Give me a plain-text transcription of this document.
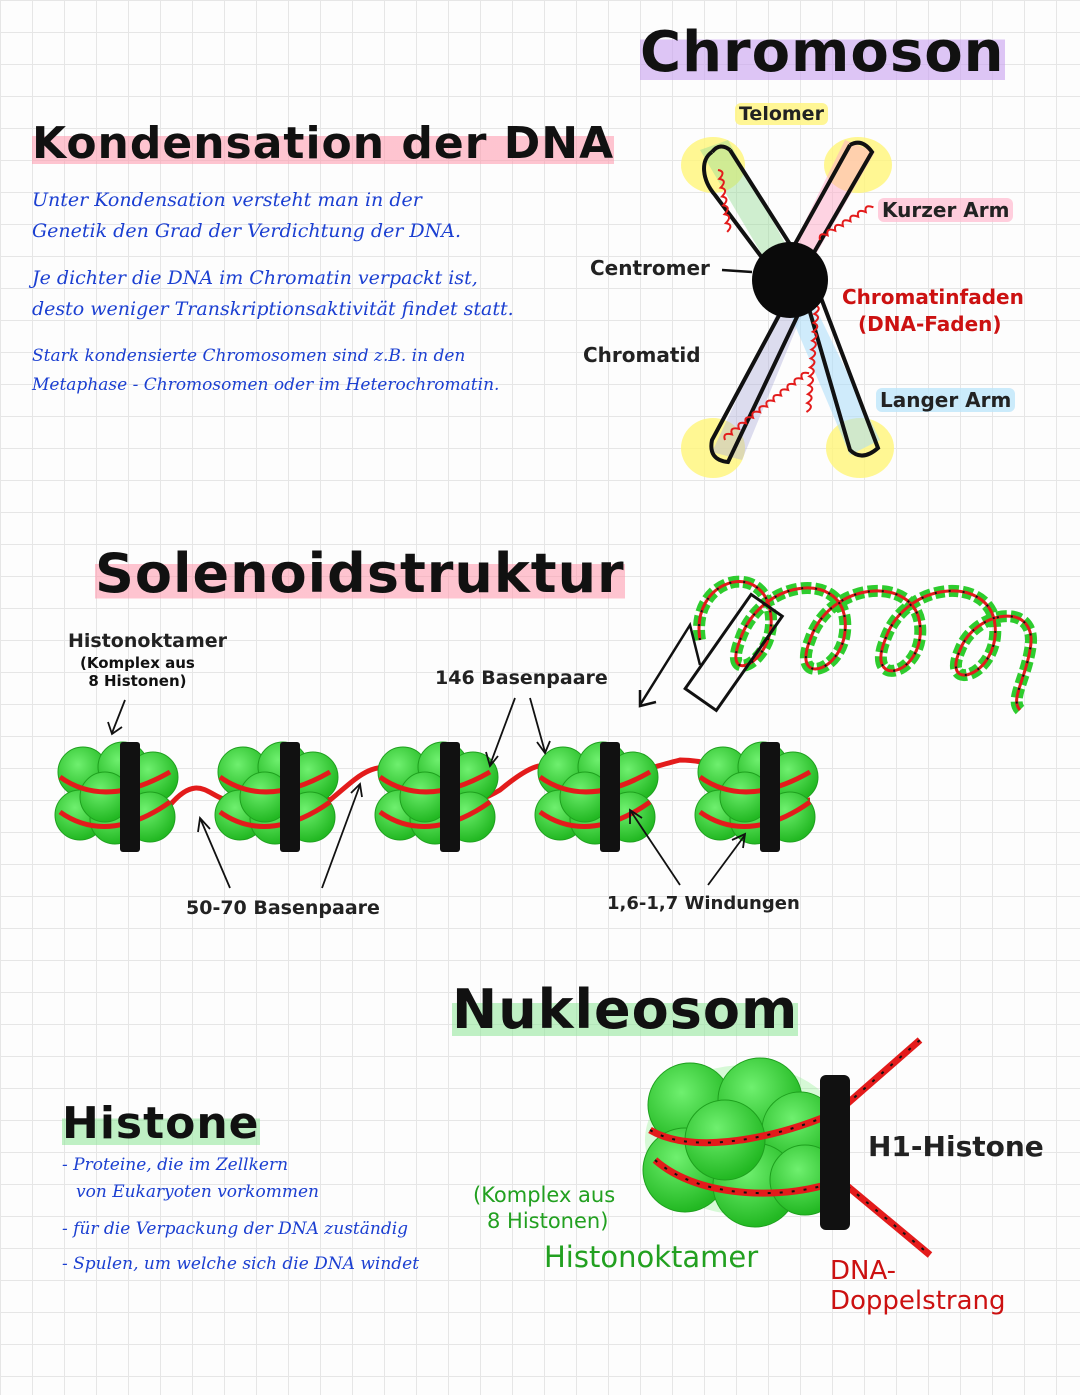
Chromoson
Telomer
Kurzer Arm
Centromer
Chromatinfaden
(DNA-Faden)
Chromatid
Langer Arm
Kondensation der DNA

Unter Kondensation versteht man in der

Genetik den Grad der Verdichtung der DNA.

Je dichter die DNA im Chromatin verpackt ist,

desto weniger Transkriptionsaktivität findet statt.

Stark kondensierte Chromosomen sind z.B. in den

Metaphase - Chromosomen oder im Heterochromatin.

Solenoidstruktur
Histonoktamer
(Komplex aus
8 Histonen)	146 Basenpaare
50-70 Basenpaare	1,6-1,7 Windungen
Nukleosom
H1-Histone
(Komplex aus
8 Histonen)
Histonoktamer	DNA-
Doppelstrang
Histone

- Proteine, die im Zellkern

von Eukaryoten vorkommen

- für die Verpackung der DNA zuständig

- Spulen, um welche sich die DNA windet
